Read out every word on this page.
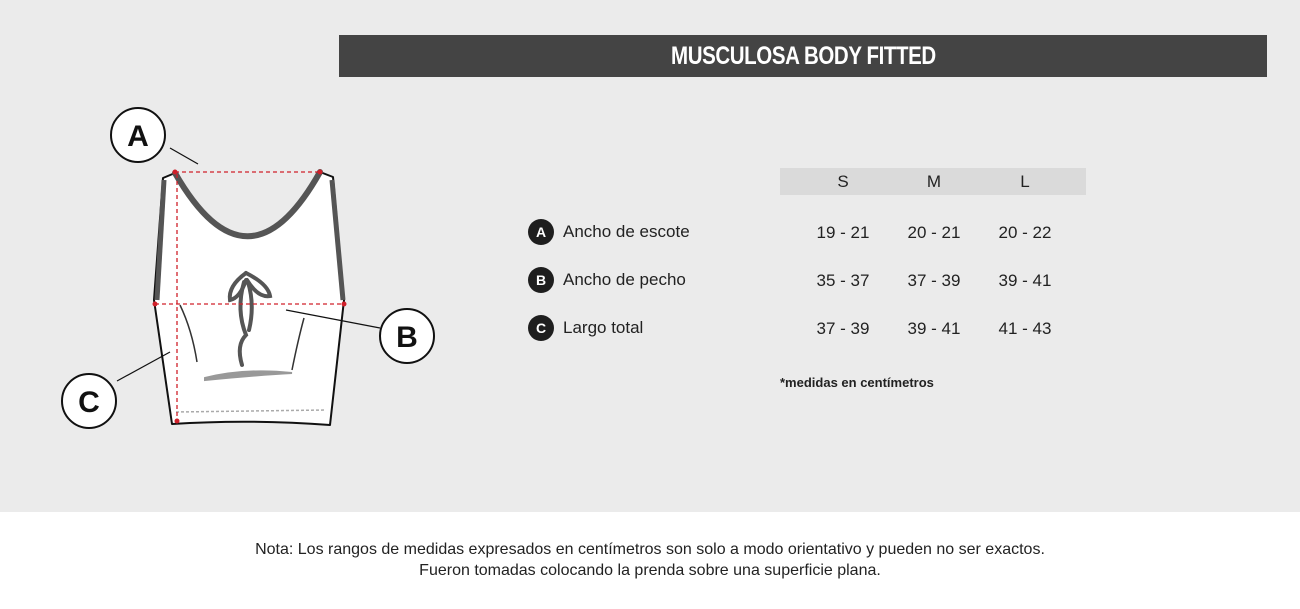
MUSCULOSA BODY FITTED
A
B
C
S	M	L
A Ancho de escote	19 - 21	20 - 21	20 - 22
B Ancho de pecho	35 - 37	37 - 39	39 - 41
C Largo total	37 - 39	39 - 41	41 - 43
*medidas en centímetros
Nota: Los rangos de medidas expresados en centímetros son solo a modo orientativo y pueden no ser exactos.
Fueron tomadas colocando la prenda sobre una superficie plana.
